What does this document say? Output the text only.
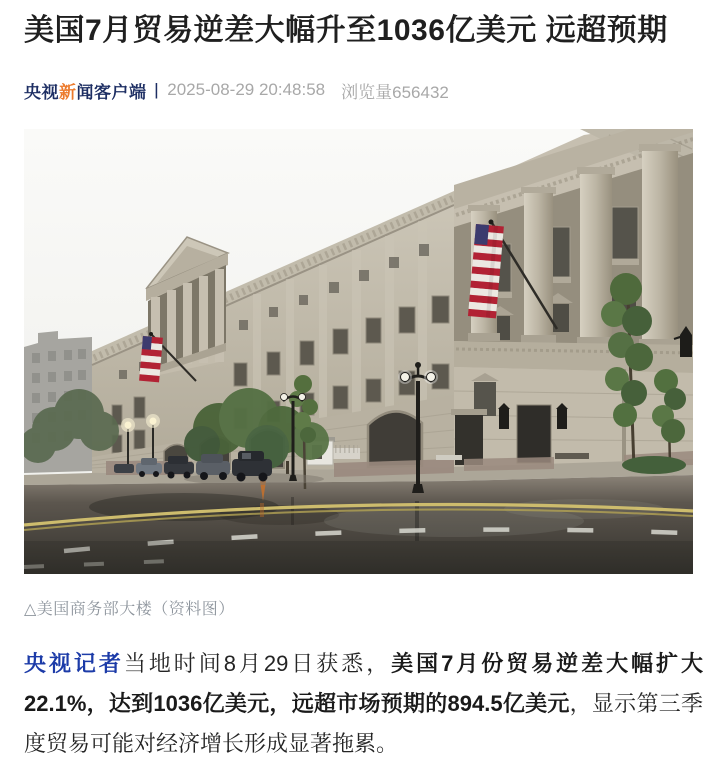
美国7月贸易逆差大幅升至1036亿美元 远超预期
央视新闻客户端 | 2025-08-29 20:48:58 浏览量656432
△美国商务部大楼（资料图）

央视记者当地时间8月29日获悉，美国7月份贸易逆差大幅扩大22.1%，达到1036亿美元，远超市场预期的894.5亿美元，显示第三季度贸易可能对经济增长形成显著拖累。
